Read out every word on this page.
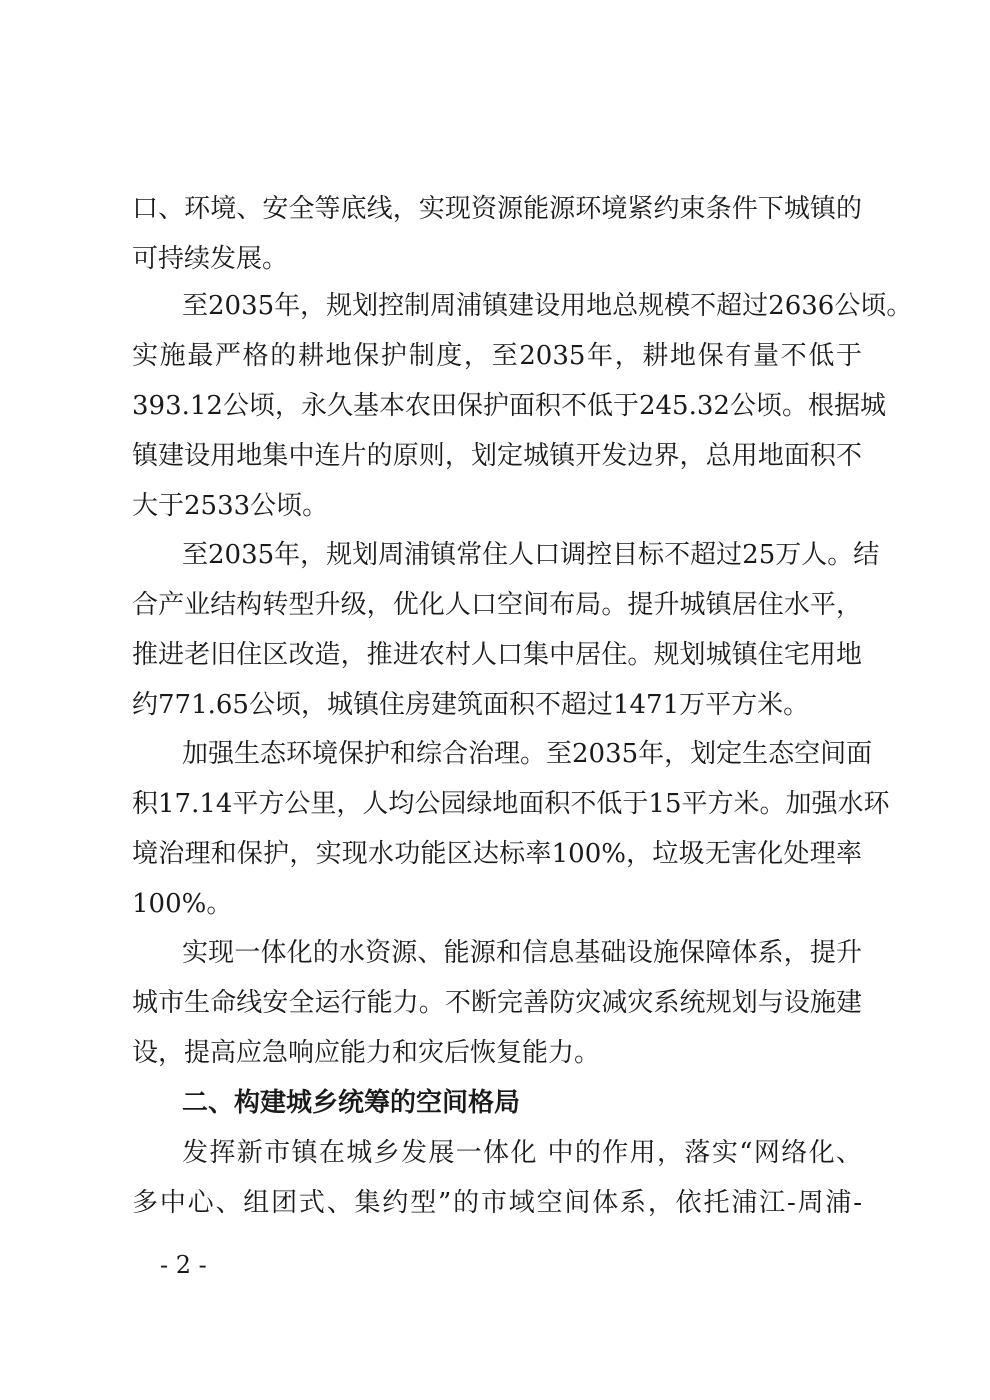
口、环境、安全等底线，实现资源能源环境紧约束条件下城镇的
可持续发展。
至2035年，规划控制周浦镇建设用地总规模不超过2636公顷。
实施最严格的耕地保护制度，至2035年，耕地保有量不低于
393.12公顷，永久基本农田保护面积不低于245.32公顷。根据城
镇建设用地集中连片的原则，划定城镇开发边界，总用地面积不
大于2533公顷。
至2035年，规划周浦镇常住人口调控目标不超过25万人。结
合产业结构转型升级，优化人口空间布局。提升城镇居住水平，
推进老旧住区改造，推进农村人口集中居住。规划城镇住宅用地
约771.65公顷，城镇住房建筑面积不超过1471万平方米。
加强生态环境保护和综合治理。至2035年，划定生态空间面
积17.14平方公里，人均公园绿地面积不低于15平方米。加强水环
境治理和保护，实现水功能区达标率100%，垃圾无害化处理率
100%。
实现一体化的水资源、能源和信息基础设施保障体系，提升
城市生命线安全运行能力。不断完善防灾减灾系统规划与设施建
设，提高应急响应能力和灾后恢复能力。
二、构建城乡统筹的空间格局
发挥新市镇在城乡发展一体化 中的作用，落实“网络化、
多中心、组团式、集约型”的市域空间体系，依托浦江-周浦-
- 2 -
